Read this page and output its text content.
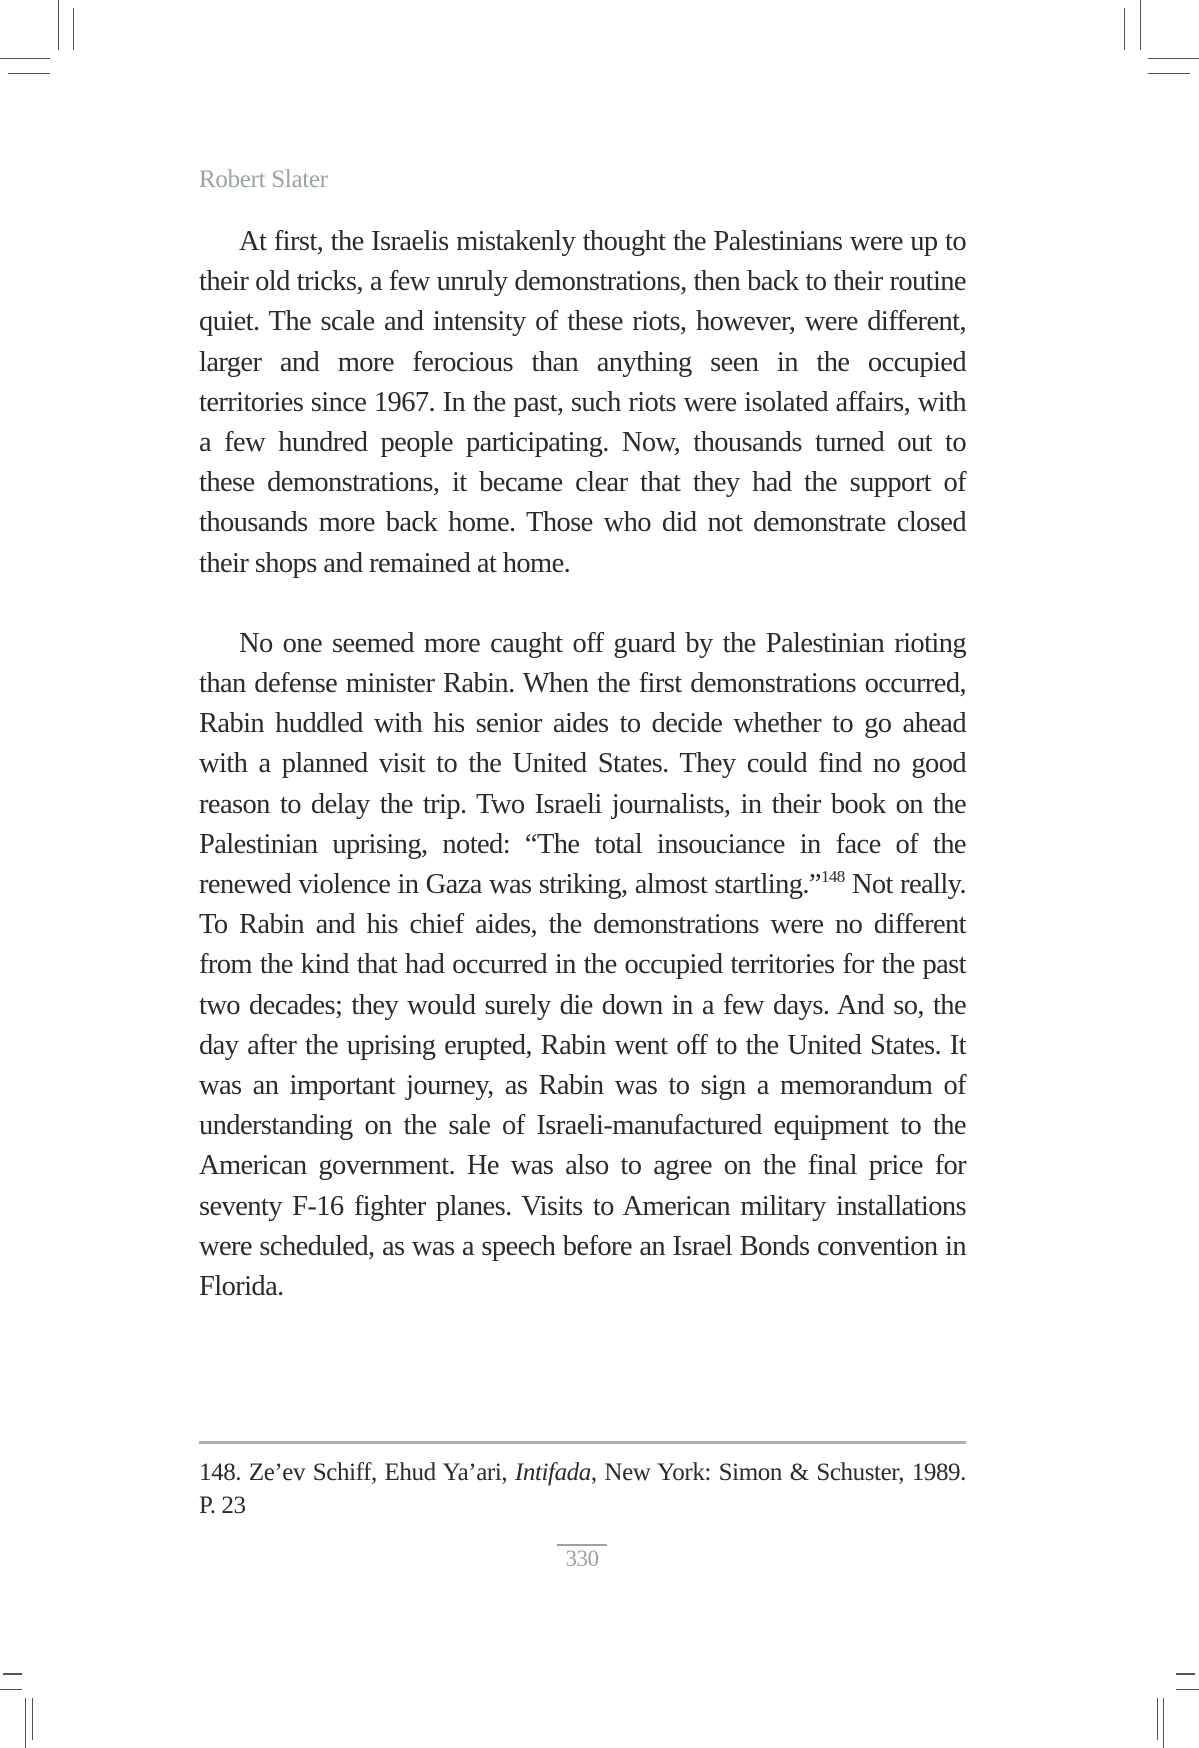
Robert Slater

At first, the Israelis mistakenly thought the Palestinians were up to their old tricks, a few unruly demonstrations, then back to their routine quiet. The scale and intensity of these riots, however, were different, larger and more ferocious than anything seen in the occupied territories since 1967. In the past, such riots were isolated affairs, with a few hundred people participating. Now, thousands turned out to these demonstrations, it became clear that they had the support of thousands more back home. Those who did not demonstrate closed their shops and remained at home.

No one seemed more caught off guard by the Palestinian rioting than defense minister Rabin. When the first demonstrations occurred, Rabin huddled with his senior aides to decide whether to go ahead with a planned visit to the United States. They could find no good reason to delay the trip. Two Israeli journalists, in their book on the Palestinian uprising, noted: “The total insouciance in face of the renewed violence in Gaza was striking, almost startling.”$^{148}$ Not really. To Rabin and his chief aides, the demonstrations were no different from the kind that had occurred in the occupied territories for the past two decades; they would surely die down in a few days. And so, the day after the uprising erupted, Rabin went off to the United States. It was an important journey, as Rabin was to sign a memorandum of understanding on the sale of Israeli-manufactured equipment to the American government. He was also to agree on the final price for seventy F-16 fighter planes. Visits to American military installations were scheduled, as was a speech before an Israel Bonds convention in Florida.

148. Ze’ev Schiff, Ehud Ya’ari, Intifada, New York: Simon & Schuster, 1989. P. 23
330
